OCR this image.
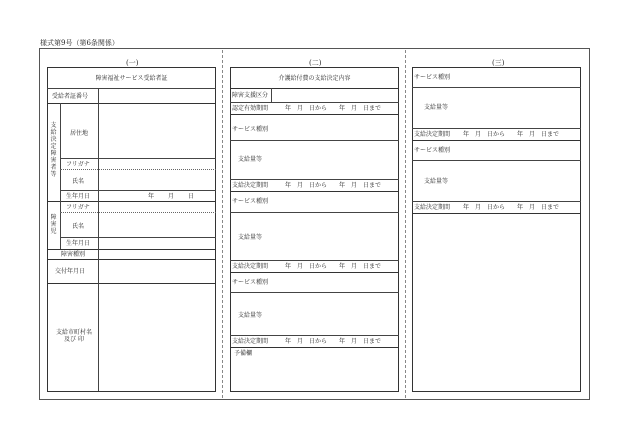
様式第9号（第6条関係）
(一)	(二)	(三)
障害福祉サービス受給者証
受給者証番号
支給決定障害者等
居住地
フリガナ
氏名
生年月日	年 月 日
障害児
フリガナ
氏名
生年月日
障害種別
交付年月日
支給市町村名
及び 印
介護給付費の支給決定内容
障害支援区分
認定有効期間	年　月　日から　　年　月　日まで
サービス種別
支給量等
支給決定期間	年　月　日から　　年　月　日まで
サービス種別
支給量等
支給決定期間	年　月　日から　　年　月　日まで
サービス種別
支給量等
支給決定期間	年　月　日から　　年　月　日まで
予備欄
サービス種別
支給量等
支給決定期間 年　月　日から　　年　月　日まで
サービス種別
支給量等
支給決定期間 年　月　日から　　年　月　日まで
